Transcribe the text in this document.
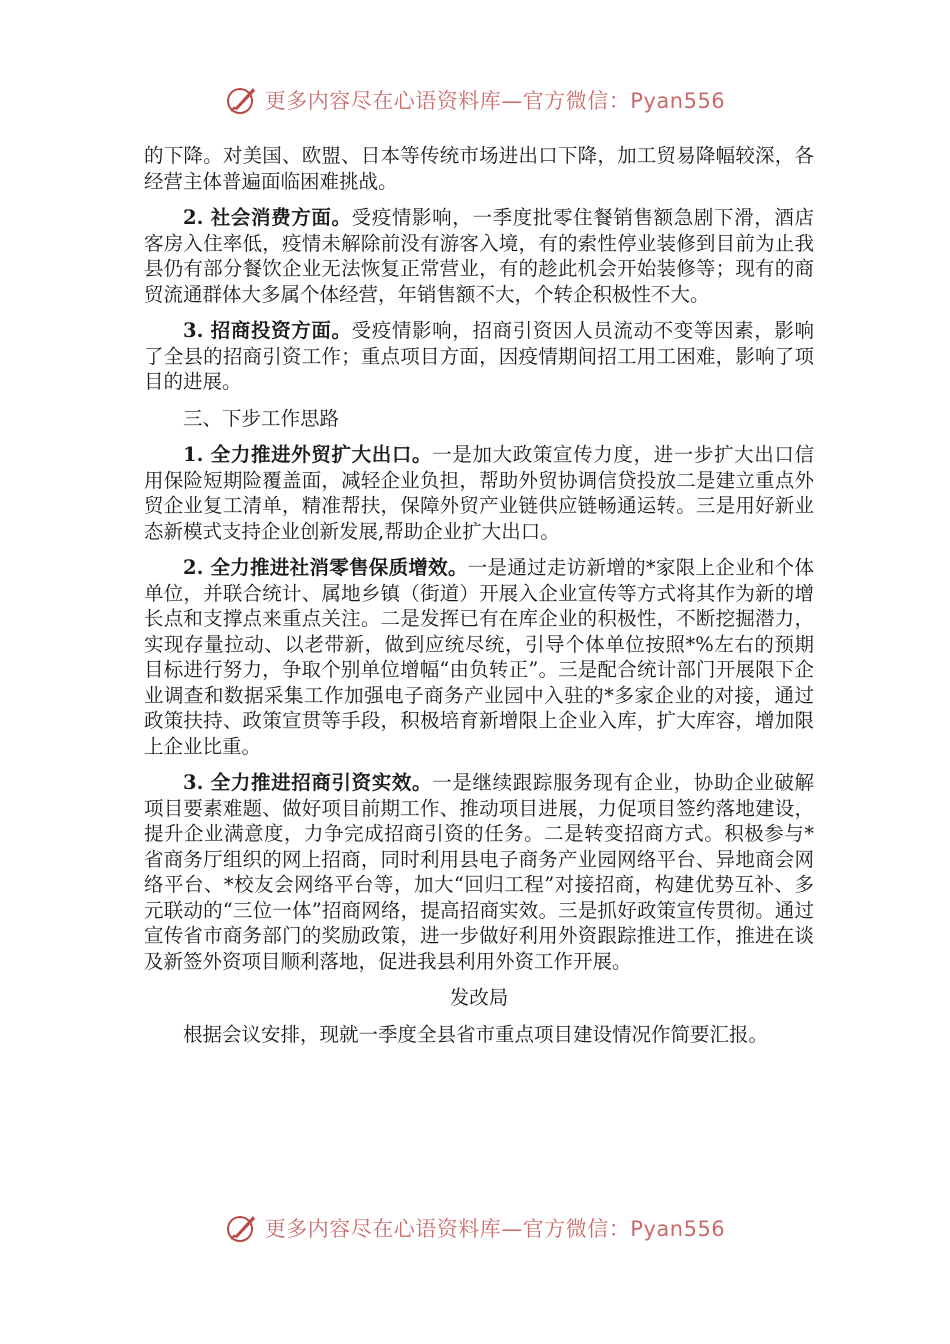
更多内容尽在心语资料库—官方微信：Pyan556

的下降。对美国、欧盟、日本等传统市场进出口下降，加工贸易降幅较深，各经营主体普遍面临困难挑战。

2. 社会消费方面。受疫情影响，一季度批零住餐销售额急剧下滑，酒店客房入住率低，疫情未解除前没有游客入境，有的索性停业装修到目前为止我县仍有部分餐饮企业无法恢复正常营业，有的趁此机会开始装修等；现有的商贸流通群体大多属个体经营，年销售额不大，个转企积极性不大。

3. 招商投资方面。受疫情影响，招商引资因人员流动不变等因素，影响了全县的招商引资工作；重点项目方面，因疫情期间招工用工困难，影响了项目的进展。

三、下步工作思路

1. 全力推进外贸扩大出口。一是加大政策宣传力度，进一步扩大出口信用保险短期险覆盖面，减轻企业负担，帮助外贸协调信贷投放二是建立重点外贸企业复工清单，精准帮扶，保障外贸产业链供应链畅通运转。三是用好新业态新模式支持企业创新发展,帮助企业扩大出口。

2. 全力推进社消零售保质增效。一是通过走访新增的*家限上企业和个体单位，并联合统计、属地乡镇（街道）开展入企业宣传等方式将其作为新的增长点和支撑点来重点关注。二是发挥已有在库企业的积极性，不断挖掘潜力，实现存量拉动、以老带新，做到应统尽统，引导个体单位按照*%左右的预期目标进行努力，争取个别单位增幅“由负转正”。三是配合统计部门开展限下企业调查和数据采集工作加强电子商务产业园中入驻的*多家企业的对接，通过政策扶持、政策宣贯等手段，积极培育新增限上企业入库，扩大库容，增加限上企业比重。

3. 全力推进招商引资实效。一是继续跟踪服务现有企业，协助企业破解项目要素难题、做好项目前期工作、推动项目进展，力促项目签约落地建设，提升企业满意度，力争完成招商引资的任务。二是转变招商方式。积极参与*省商务厅组织的网上招商，同时利用县电子商务产业园网络平台、异地商会网络平台、*校友会网络平台等，加大“回归工程”对接招商，构建优势互补、多元联动的“三位一体”招商网络，提高招商实效。三是抓好政策宣传贯彻。通过宣传省市商务部门的奖励政策，进一步做好利用外资跟踪推进工作，推进在谈及新签外资项目顺利落地，促进我县利用外资工作开展。

发改局

根据会议安排，现就一季度全县省市重点项目建设情况作简要汇报。

更多内容尽在心语资料库—官方微信：Pyan556
